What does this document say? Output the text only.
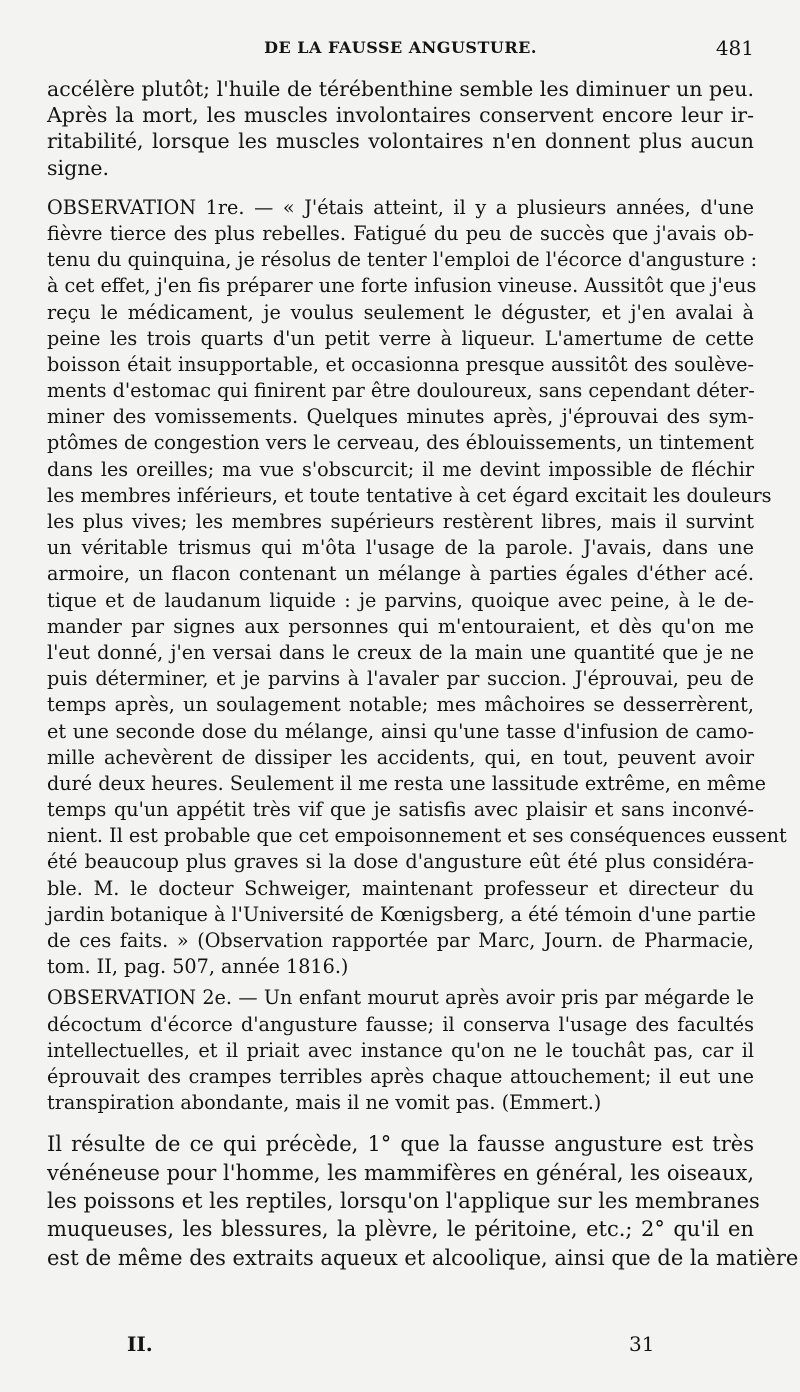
DE LA FAUSSE ANGUSTURE.	481
accélère plutôt; l'huile de térébenthine semble les diminuer un peu.
Après la mort, les muscles involontaires conservent encore leur ir-
ritabilité, lorsque les muscles volontaires n'en donnent plus aucun
signe.
OBSERVATION 1re. — « J'étais atteint, il y a plusieurs années, d'une
fièvre tierce des plus rebelles. Fatigué du peu de succès que j'avais ob-
tenu du quinquina, je résolus de tenter l'emploi de l'écorce d'angusture :
à cet effet, j'en fis préparer une forte infusion vineuse. Aussitôt que j'eus
reçu le médicament, je voulus seulement le déguster, et j'en avalai à
peine les trois quarts d'un petit verre à liqueur. L'amertume de cette
boisson était insupportable, et occasionna presque aussitôt des soulève-
ments d'estomac qui finirent par être douloureux, sans cependant déter-
miner des vomissements. Quelques minutes après, j'éprouvai des sym-
ptômes de congestion vers le cerveau, des éblouissements, un tintement
dans les oreilles; ma vue s'obscurcit; il me devint impossible de fléchir
les membres inférieurs, et toute tentative à cet égard excitait les douleurs
les plus vives; les membres supérieurs restèrent libres, mais il survint
un véritable trismus qui m'ôta l'usage de la parole. J'avais, dans une
armoire, un flacon contenant un mélange à parties égales d'éther acé.
tique et de laudanum liquide : je parvins, quoique avec peine, à le de-
mander par signes aux personnes qui m'entouraient, et dès qu'on me
l'eut donné, j'en versai dans le creux de la main une quantité que je ne
puis déterminer, et je parvins à l'avaler par succion. J'éprouvai, peu de
temps après, un soulagement notable; mes mâchoires se desserrèrent,
et une seconde dose du mélange, ainsi qu'une tasse d'infusion de camo-
mille achevèrent de dissiper les accidents, qui, en tout, peuvent avoir
duré deux heures. Seulement il me resta une lassitude extrême, en même
temps qu'un appétit très vif que je satisfis avec plaisir et sans inconvé-
nient. Il est probable que cet empoisonnement et ses conséquences eussent
été beaucoup plus graves si la dose d'angusture eût été plus considéra-
ble. M. le docteur Schweiger, maintenant professeur et directeur du
jardin botanique à l'Université de Kœnigsberg, a été témoin d'une partie
de ces faits. » (Observation rapportée par Marc, Journ. de Pharmacie,
tom. II, pag. 507, année 1816.)
OBSERVATION 2e. — Un enfant mourut après avoir pris par mégarde le
décoctum d'écorce d'angusture fausse; il conserva l'usage des facultés
intellectuelles, et il priait avec instance qu'on ne le touchât pas, car il
éprouvait des crampes terribles après chaque attouchement; il eut une
transpiration abondante, mais il ne vomit pas. (Emmert.)
Il résulte de ce qui précède, 1° que la fausse angusture est très
vénéneuse pour l'homme, les mammifères en général, les oiseaux,
les poissons et les reptiles, lorsqu'on l'applique sur les membranes
muqueuses, les blessures, la plèvre, le péritoine, etc.; 2° qu'il en
est de même des extraits aqueux et alcoolique, ainsi que de la matière
II.	31
